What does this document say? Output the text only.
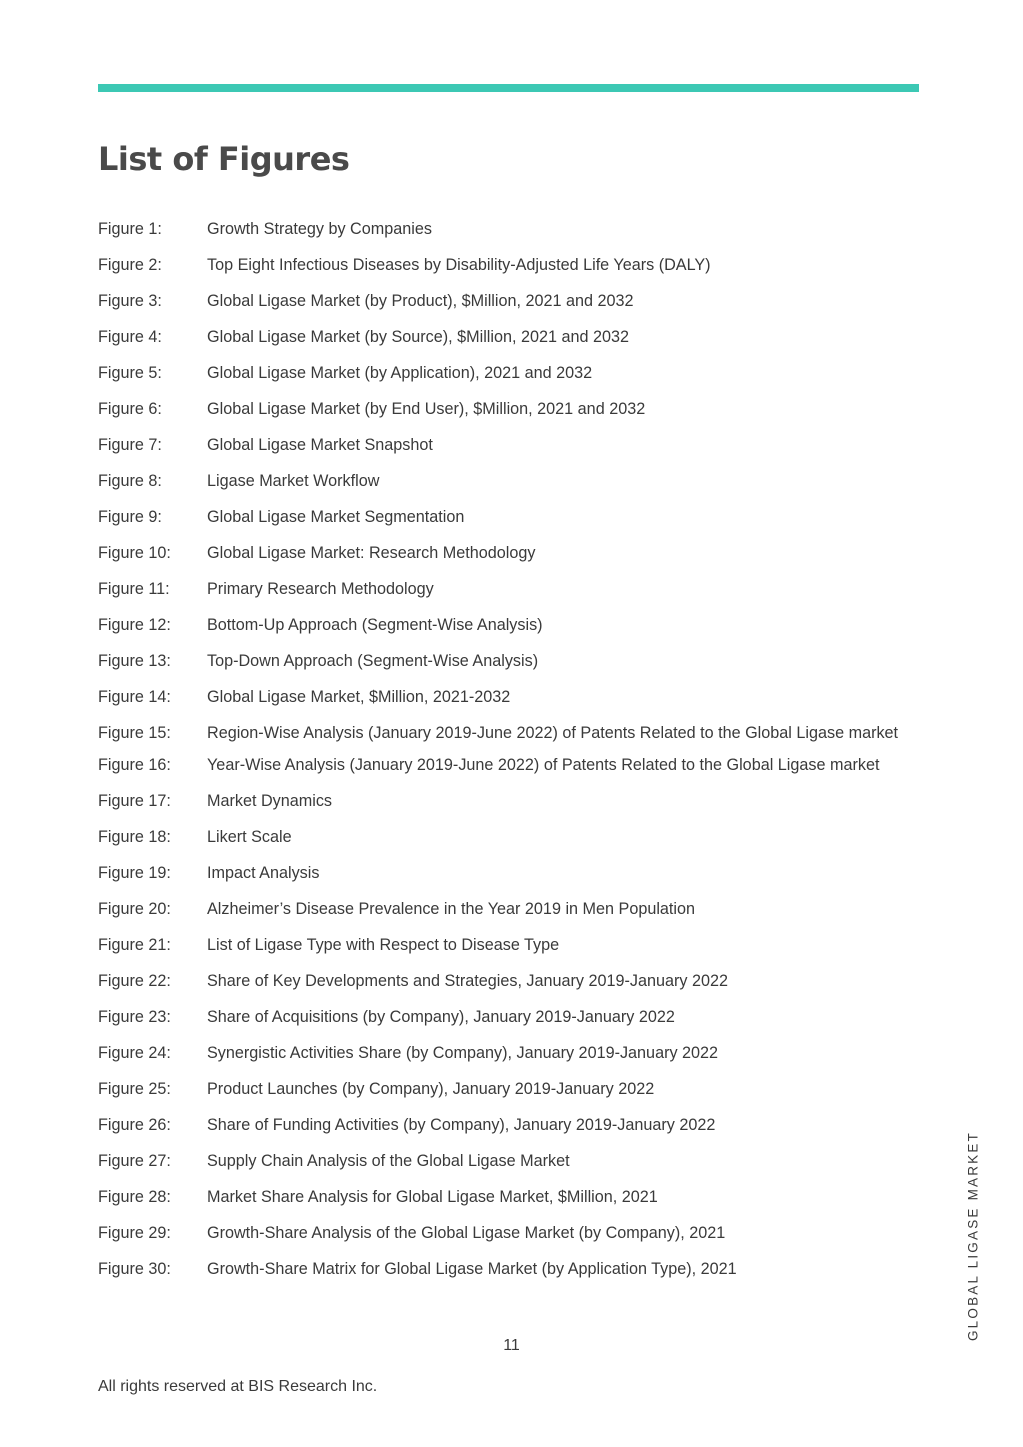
List of Figures
Figure 1:	Growth Strategy by Companies
Figure 2:	Top Eight Infectious Diseases by Disability-Adjusted Life Years (DALY)
Figure 3:	Global Ligase Market (by Product), $Million, 2021 and 2032
Figure 4:	Global Ligase Market (by Source), $Million, 2021 and 2032
Figure 5:	Global Ligase Market (by Application), 2021 and 2032
Figure 6:	Global Ligase Market (by End User), $Million, 2021 and 2032
Figure 7:	Global Ligase Market Snapshot
Figure 8:	Ligase Market Workflow
Figure 9:	Global Ligase Market Segmentation
Figure 10:	Global Ligase Market: Research Methodology
Figure 11:	Primary Research Methodology
Figure 12:	Bottom-Up Approach (Segment-Wise Analysis)
Figure 13:	Top-Down Approach (Segment-Wise Analysis)
Figure 14:	Global Ligase Market, $Million, 2021-2032
Figure 15:	Region-Wise Analysis (January 2019-June 2022) of Patents Related to the Global Ligase market
Figure 16:	Year-Wise Analysis (January 2019-June 2022) of Patents Related to the Global Ligase market
Figure 17:	Market Dynamics
Figure 18:	Likert Scale
Figure 19:	Impact Analysis
Figure 20:	Alzheimer’s Disease Prevalence in the Year 2019 in Men Population
Figure 21:	List of Ligase Type with Respect to Disease Type
Figure 22:	Share of Key Developments and Strategies, January 2019-January 2022
Figure 23:	Share of Acquisitions (by Company), January 2019-January 2022
Figure 24:	Synergistic Activities Share (by Company), January 2019-January 2022
Figure 25:	Product Launches (by Company), January 2019-January 2022
Figure 26:	Share of Funding Activities (by Company), January 2019-January 2022
Figure 27:	Supply Chain Analysis of the Global Ligase Market
Figure 28:	Market Share Analysis for Global Ligase Market, $Million, 2021
Figure 29:	Growth-Share Analysis of the Global Ligase Market (by Company), 2021
Figure 30:	Growth-Share Matrix for Global Ligase Market (by Application Type), 2021
11
All rights reserved at BIS Research Inc.
GLOBAL LIGASE MARKET
